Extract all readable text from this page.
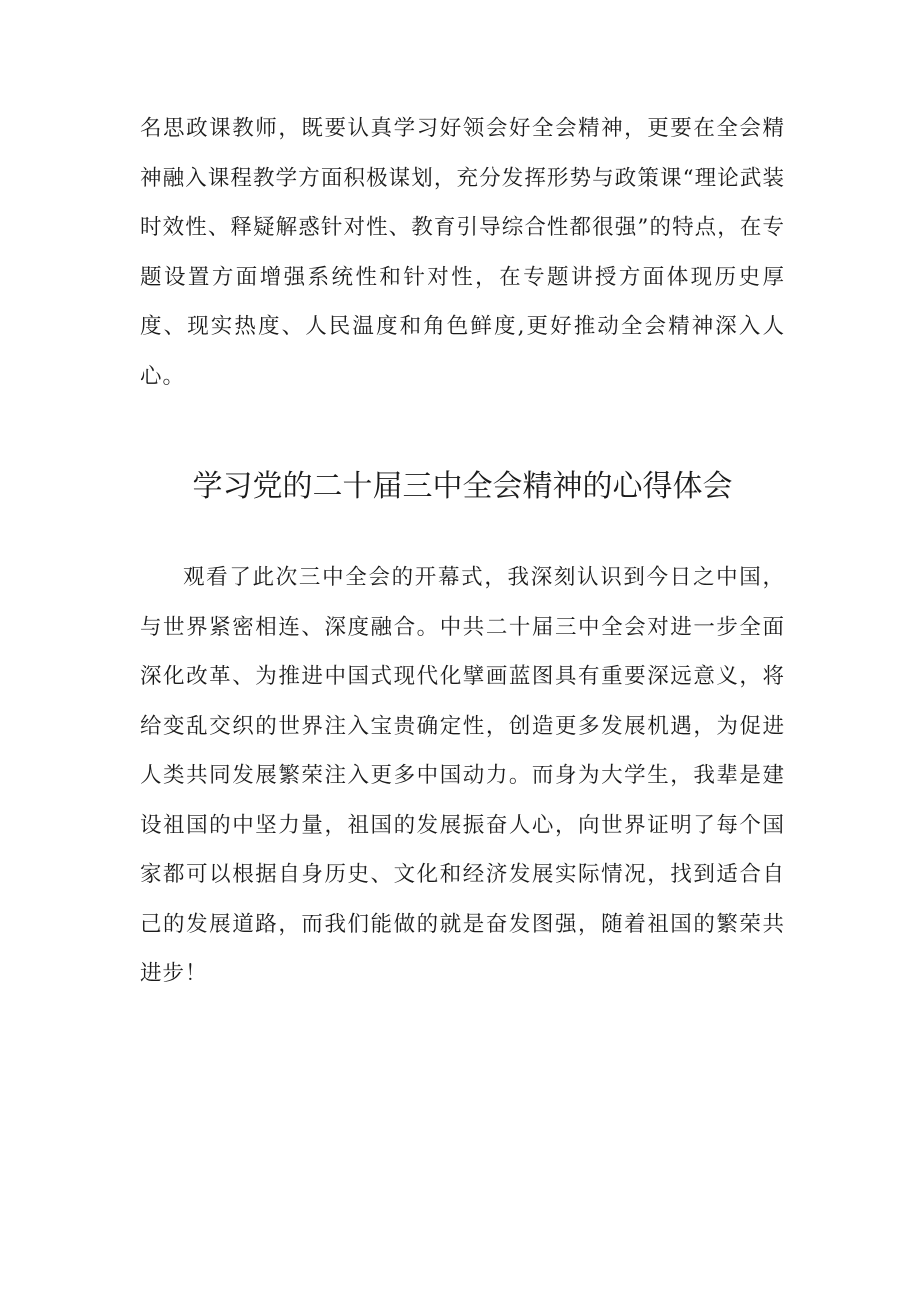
名思政课教师，既要认真学习好领会好全会精神，更要在全会精神融入课程教学方面积极谋划，充分发挥形势与政策课“理论武装时效性、释疑解惑针对性、教育引导综合性都很强”的特点，在专题设置方面增强系统性和针对性，在专题讲授方面体现历史厚度、现实热度、人民温度和角色鲜度,更好推动全会精神深入人心。

学习党的二十届三中全会精神的心得体会

观看了此次三中全会的开幕式，我深刻认识到今日之中国，与世界紧密相连、深度融合。中共二十届三中全会对进一步全面深化改革、为推进中国式现代化擘画蓝图具有重要深远意义，将给变乱交织的世界注入宝贵确定性，创造更多发展机遇，为促进人类共同发展繁荣注入更多中国动力。而身为大学生，我辈是建设祖国的中坚力量，祖国的发展振奋人心，向世界证明了每个国家都可以根据自身历史、文化和经济发展实际情况，找到适合自己的发展道路，而我们能做的就是奋发图强，随着祖国的繁荣共进步！
